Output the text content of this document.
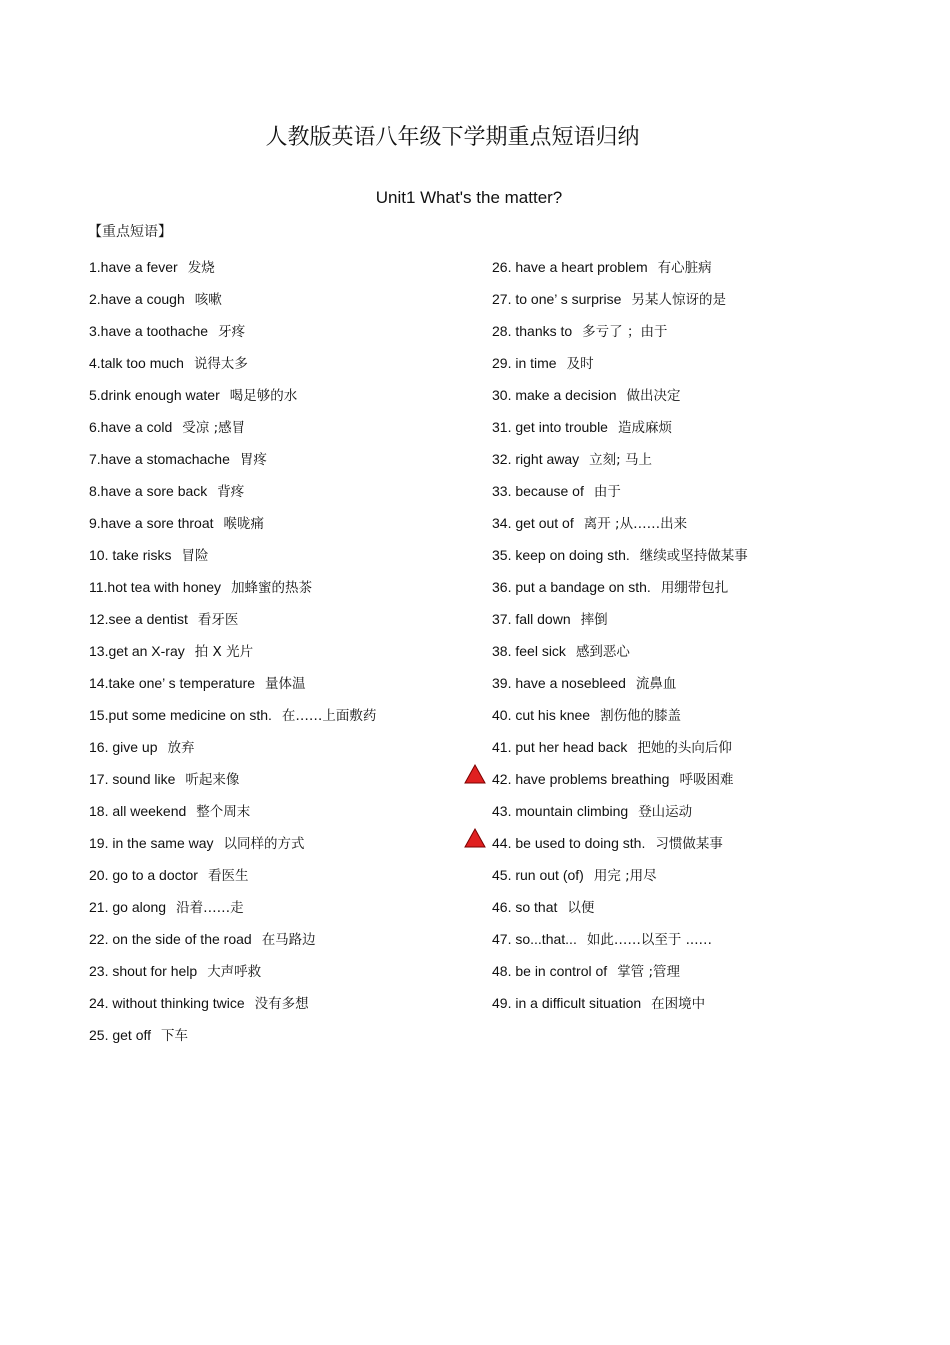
人教版英语八年级下学期重点短语归纳
Unit1 What's the matter?
【重点短语】
1.have a fever 发烧
2.have a cough 咳嗽
3.have a toothache 牙疼
4.talk too much 说得太多
5.drink enough water 喝足够的水
6.have a cold 受凉 ;感冒
7.have a stomachache 胃疼
8.have a sore back 背疼
9.have a sore throat 喉咙痛
10. take risks 冒险
11.hot tea with honey 加蜂蜜的热茶
12.see a dentist 看牙医
13.get an X-ray 拍 X 光片
14.take one’ s temperature 量体温
15.put some medicine on sth. 在……上面敷药
16. give up 放弃
17. sound like 听起来像
18. all weekend 整个周末
19. in the same way 以同样的方式
20. go to a doctor 看医生
21. go along 沿着……走
22. on the side of the road 在马路边
23. shout for help 大声呼救
24. without thinking twice 没有多想
25. get off 下车
26. have a heart problem 有心脏病
27. to one’ s surprise 另某人惊讶的是
28. thanks to 多亏了 ；由于
29. in time 及时
30. make a decision 做出决定
31. get into trouble 造成麻烦
32. right away 立刻; 马上
33. because of 由于
34. get out of 离开 ;从……出来
35. keep on doing sth. 继续或坚持做某事
36. put a bandage on sth. 用绷带包扎
37. fall down 摔倒
38. feel sick 感到恶心
39. have a nosebleed 流鼻血
40. cut his knee 割伤他的膝盖
41. put her head back 把她的头向后仰
42. have problems breathing 呼吸困难
43. mountain climbing 登山运动
44. be used to doing sth. 习惯做某事
45. run out (of) 用完 ;用尽
46. so that 以便
47. so...that... 如此……以至于 ...…
48. be in control of 掌管 ;管理
49. in a difficult situation 在困境中
